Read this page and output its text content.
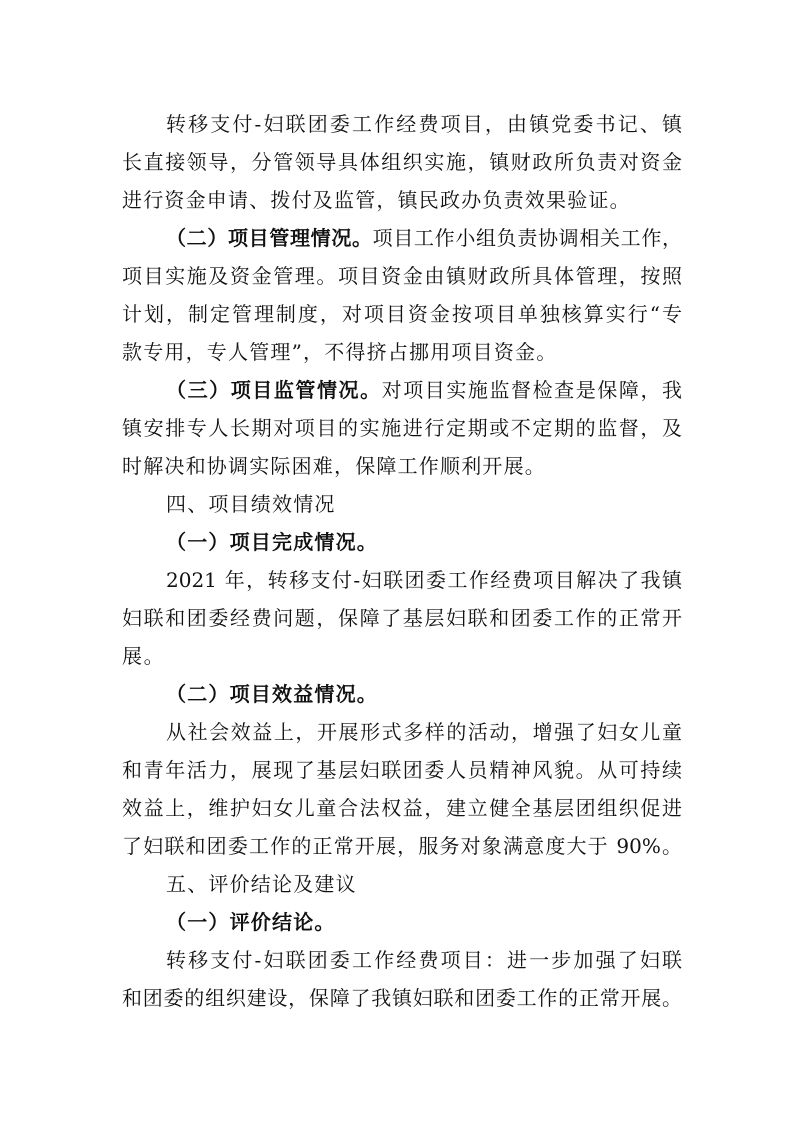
转移支付-妇联团委工作经费项目，由镇党委书记、镇
长直接领导，分管领导具体组织实施，镇财政所负责对资金
进行资金申请、拨付及监管，镇民政办负责效果验证。
（二）项目管理情况。项目工作小组负责协调相关工作，
项目实施及资金管理。项目资金由镇财政所具体管理，按照
计划，制定管理制度，对项目资金按项目单独核算实行“专
款专用，专人管理”，不得挤占挪用项目资金。
（三）项目监管情况。对项目实施监督检查是保障，我
镇安排专人长期对项目的实施进行定期或不定期的监督，及
时解决和协调实际困难，保障工作顺利开展。
四、项目绩效情况
（一）项目完成情况。
2021 年，转移支付-妇联团委工作经费项目解决了我镇
妇联和团委经费问题，保障了基层妇联和团委工作的正常开
展。
（二）项目效益情况。
从社会效益上，开展形式多样的活动，增强了妇女儿童
和青年活力，展现了基层妇联团委人员精神风貌。从可持续
效益上，维护妇女儿童合法权益，建立健全基层团组织促进
了妇联和团委工作的正常开展，服务对象满意度大于 90%。
五、评价结论及建议
（一）评价结论。
转移支付-妇联团委工作经费项目：进一步加强了妇联
和团委的组织建设，保障了我镇妇联和团委工作的正常开展。
